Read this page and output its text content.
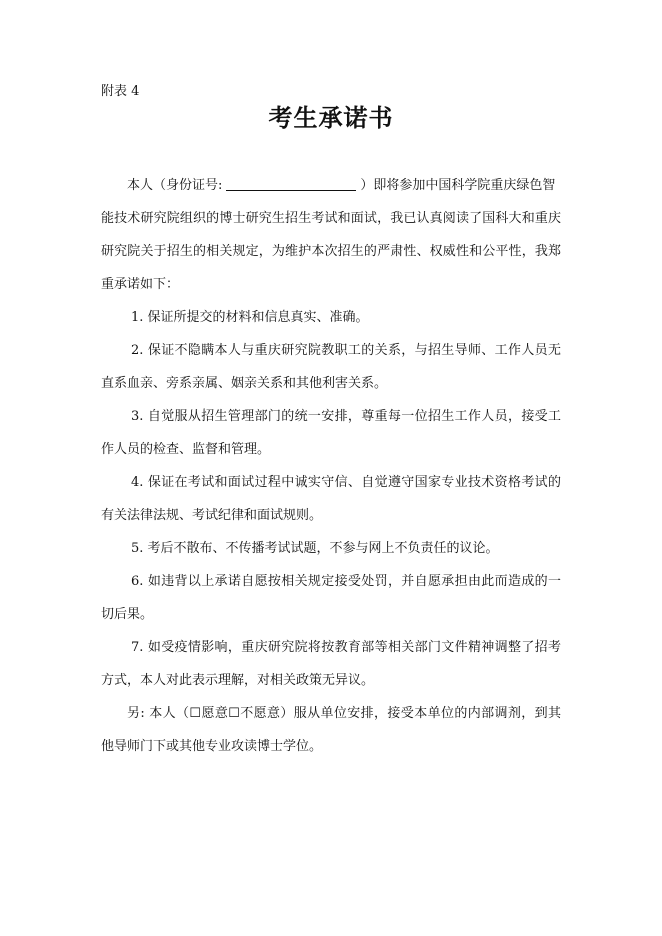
附表 4
考生承诺书
本人（身份证号:	）即将参加中国科学院重庆绿色智
能技术研究院组织的博士研究生招生考试和面试，我已认真阅读了国科大和重庆
研究院关于招生的相关规定，为维护本次招生的严肃性、权威性和公平性，我郑
重承诺如下：
1. 保证所提交的材料和信息真实、准确。
2. 保证不隐瞒本人与重庆研究院教职工的关系，与招生导师、工作人员无
直系血亲、旁系亲属、姻亲关系和其他利害关系。
3. 自觉服从招生管理部门的统一安排，尊重每一位招生工作人员，接受工
作人员的检查、监督和管理。
4. 保证在考试和面试过程中诚实守信、自觉遵守国家专业技术资格考试的
有关法律法规、考试纪律和面试规则。
5. 考后不散布、不传播考试试题，不参与网上不负责任的议论。
6. 如违背以上承诺自愿按相关规定接受处罚，并自愿承担由此而造成的一
切后果。
7. 如受疫情影响，重庆研究院将按教育部等相关部门文件精神调整了招考
方式，本人对此表示理解，对相关政策无异议。
另: 本人（☐愿意☐不愿意）服从单位安排，接受本单位的内部调剂，到其
他导师门下或其他专业攻读博士学位。
